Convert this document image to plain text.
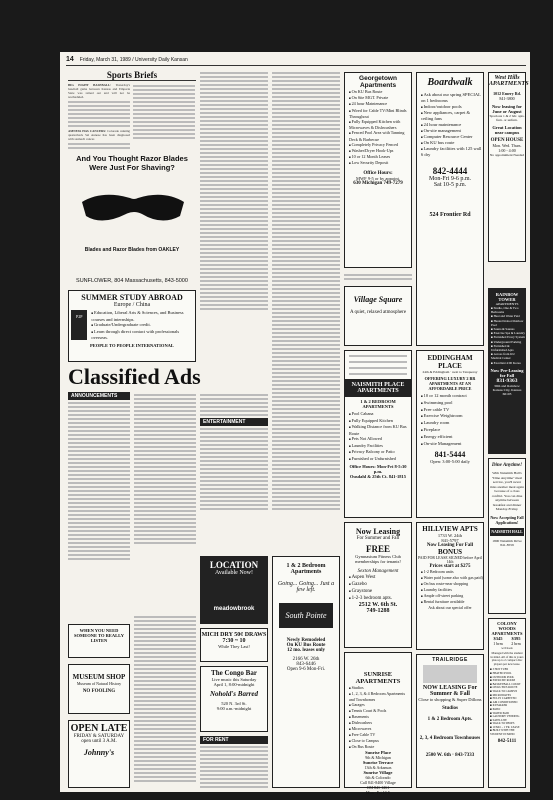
14 Friday, March 31, 1989 / University Daily Kansan
Sports Briefs
BIG EIGHT BASEBALL: Yesterday's baseball game between Kansas and Emporia State was rained out and will not be rescheduled.
AMNESS HAS CANCERS: Colorado running quarterback Sal Aunese has been diagnosed with stomach cancer.
And You Thought Razor Blades Were Just For Shaving?
Blades and Razor Blades from OAKLEY
SUNFLOWER, 804 Massachusetts, 843-5000
SUMMER STUDY ABROAD
Europe / China
P2P
■ Education, Liberal Arts & Sciences, and Business courses and internships.
■ Graduate/Undergraduate credit.
■ Learn through direct contact with professionals overseas.
PEOPLE TO PEOPLE INTERNATIONAL
Classified Ads
ANNOUNCEMENTS
ENTERTAINMENT
WHEN YOU NEED SOMEONE TO REALLY LISTEN
MUSEUM SHOP
Museum of Natural History
NO FOOLING
OPEN LATE
FRIDAY & SATURDAY
open until 3 A.M.
Johnny's
LOCATION
Available Now!
meadowbrook
MICH DRY 50¢ DRAWS 7:30 ~ 10
While They Last!
The Congo Bar
Live music this Saturday
April 1, 8:00-midnight
Nohold's Barred
520 N. 3rd St.
9:00 a.m.-midnight
FOR RENT
1 & 2 Bedroom Apartments
Going... Going... Just a few left.
South Pointe
Newly Remodeled
On KU Bus Route
12 mo. leases only
2166 W. 26th
843-6446
Open 9-6 Mon-Fri.
Georgetown Apartments
■ On KU Bus Route
■ On Site MGT. Private
■ 24 hour Maintenance
■ Wired for Cable TV/Mini Blinds Throughout
■ Fully Equipped Kitchen with Microwaves & Dishwashers
■ Fenced Pool Area with Tanning Deck & Barbecue
■ Completely Privacy Fenced
■ Washer/Dryer Hook-Ups
■ 10 or 12 Month Leases
■ Low Security Deposit
Office Hours:
MWF 9-5 or by appoint.
630 Michigan 749-7279
Village Square
A quiet, relaxed atmosphere
Boardwalk
■ Ask about our spring SPECIAL on 1 bedrooms
■ Indoor/outdoor pools
■ New appliances, carpet & ceiling fans
■ 24 hour maintenance
■ On-site management
■ Computer Resource Center
■ On KU bus route
■ Laundry facilities with 125 wall 6 dry
842-4444
Mon-Fri 9-6 p.m.
Sat 10-5 p.m.
524 Frontier Rd
EDDINGHAM PLACE
24th & Eddingham · next to Tanqueray
OFFERING LUXURY 2 BR APARTMENTS AT AN AFFORDABLE PRICE
■ 10 or 12 month contract
■ Swimming pool
■ Free cable TV
■ Exercise Weightroom
■ Laundry room
■ Fireplace
■ Energy efficient
■ On-site Management
841-5444
Open: 3:00-5:00 daily
NAISMITH PLACE APARTMENTS
1 & 2 BEDROOM APARTMENTS
■ Pool Cabana
■ Fully Equipped Kitchen
■ Walking Distance from KU Bus Route
■ Pets Not Allowed
■ Laundry Facilities
■ Privacy Balcony or Patio
■ Furnished or Unfurnished
Office Hours: Mon-Fri 8-5:30 p.m.
Ousdahl & 25th Ct. 841-1815
Now Leasing
For Summer and Fall
FREE
Gymnasium Fitness Club memberships for tenants!
Sexton Management
■ Aspen West
■ Gazebo
■ Graystone
■ 1-2-3 bedroom apts.
2512 W. 6th St.
749-1288
SUNRISE APARTMENTS
■ Studios
■ 1, 2, 3, & 4 Bedroom Apartments and Townhomes
■ Garages
■ Tennis Court & Pools
■ Basements
■ Dishwashers
■ Microwaves
■ Free Cable TV
■ Close to Campus
■ On Bus Route
Sunrise Place
9th & Michigan
Sunrise Terrace
13th & Arkansas
Sunrise Village
6th & Colorado
Call 841-8400 Village
CM 841-1261
Mon - Fri 10-5
HILLVIEW APTS
1733 W. 24th
841-5797
Now Leasing For Fall
BONUS
PAID FOR LEASE SIGNED before April 14th
Prices start at $275
■ 1-2 Bedroom units
■ Water paid (some also with gas paid)
■ On bus route-near shopping
■ Laundry facilities
■ Ample off-street parking
■ Rental furniture available
Ask about our special offer
TRAILRIDGE
NOW LEASING For Summer & Fall
Close to shopping & Super Dillons
Studios
1 & 2 Bedroom Apts.
2, 3, 4 Bedroom Townhouses
2500 W. 6th · 843-7333
West Hills APARTMENTS
1012 Emery Rd.
841-3800
Now leasing for June or August
Spacious 1 & 2 bdr. apts. furn. or unfurn.
Great Location near campus
OPEN HOUSE
Mon. Wed. Thurs. 1:00 - 4:00
No appointment Needed
RAINBOW TOWER
APARTMENTS
■ Studio, One & Two Bedrooms
■ Heat and Water Paid
■ Heated Indoor/Outdoor Pool
■ Sauna & Saunas
■ Exercise Spa & Laundry
■ Furnished Every System
■ Underground Parking
■ Furnished & Unfurnished Apts
■ Across from KU Medical Center
■ Excellent 4:00 Korea
Now Pre-Leasing for Fall
831-9363
39th and Rainbow Kansas City, Kansas 66103
Dine Anytime!
With Naismith Hall's "Dine Anytime" meal service, you'll never miss another meal again because of a class conflict. You can dine anytime between breakfast and dinner Monday-Friday.
Now Accepting Fall Applications!
NAISMITH HALL
1800 Naismith Drive
841-8559
COLONY WOODS APARTMENTS
$345 $395
1 brm 2 brm
w/d hook
Managed with the student in mind. All of this is yours plus up to 2 compact disc players per new lease.
■ 3 HOT TUBS
■ HEATED POOL
■ OUTDOOR POOL
■ EXERCISE ROOM
■ BASKETBALL COURT
■ ON KU BUS ROUTE
■ WALK TO CAMPUS
■ MICROWAVES
■ FULLY CARPETED
■ AIR CONDITIONED
■ ICEMAKER
■ PATIO
■ WATER PAID
■ LAUNDRY VENDING
■ SATELLITE
■ WALK TO SHOPS
■ 10 MO. - 1 YR. LEASE
■ BUILT WITH THE STUDENT IN MIND
842-5111
